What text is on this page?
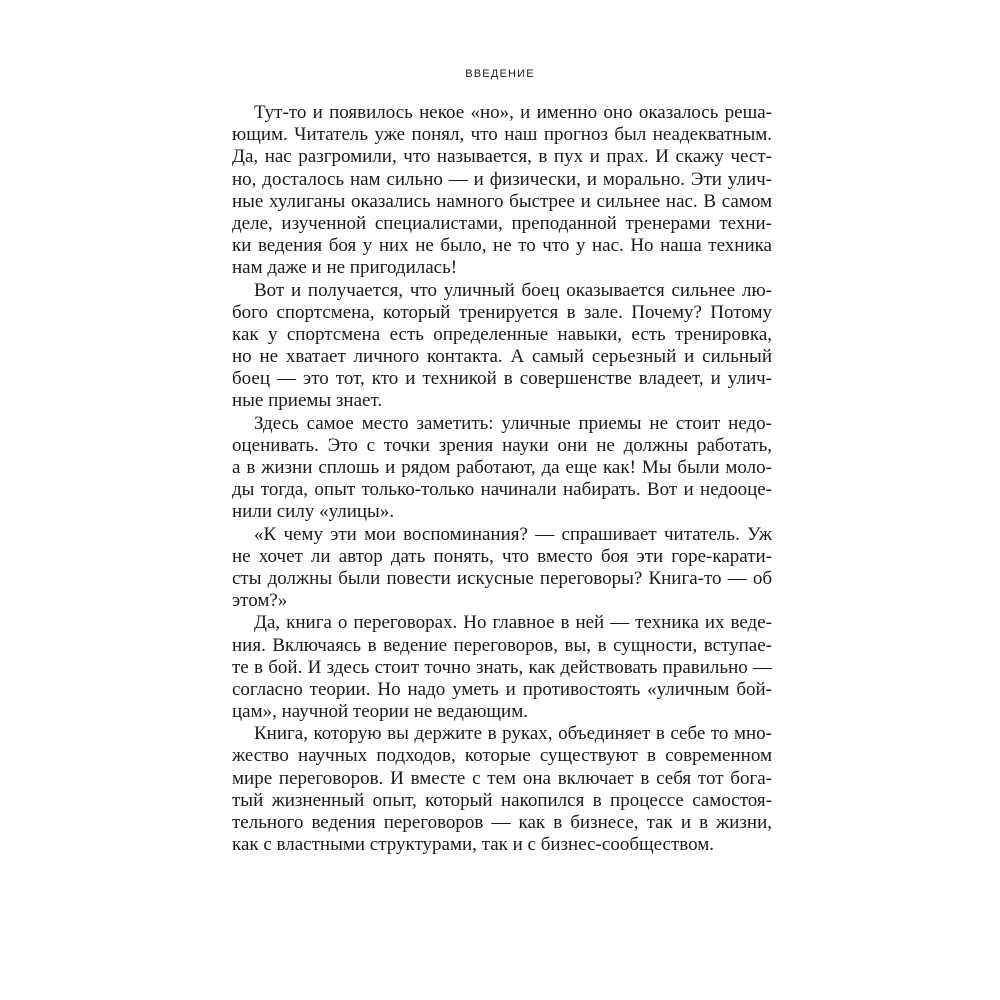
ВВЕДЕНИЕ
Тут-то и появилось некое «но», и именно оно оказалось реша-
ющим. Читатель уже понял, что наш прогноз был неадекватным.
Да, нас разгромили, что называется, в пух и прах. И скажу чест-
но, досталось нам сильно — и физически, и морально. Эти улич-
ные хулиганы оказались намного быстрее и сильнее нас. В самом
деле, изученной специалистами, преподанной тренерами техни-
ки ведения боя у них не было, не то что у нас. Но наша техника
нам даже и не пригодилась!
Вот и получается, что уличный боец оказывается сильнее лю-
бого спортсмена, который тренируется в зале. Почему? Потому
как у спортсмена есть определенные навыки, есть тренировка,
но не хватает личного контакта. А самый серьезный и сильный
боец — это тот, кто и техникой в совершенстве владеет, и улич-
ные приемы знает.
Здесь самое место заметить: уличные приемы не стоит недо-
оценивать. Это с точки зрения науки они не должны работать,
а в жизни сплошь и рядом работают, да еще как! Мы были моло-
ды тогда, опыт только-только начинали набирать. Вот и недооце-
нили силу «улицы».
«К чему эти мои воспоминания? — спрашивает читатель. Уж
не хочет ли автор дать понять, что вместо боя эти горе-карати-
сты должны были повести искусные переговоры? Книга-то — об
этом?»
Да, книга о переговорах. Но главное в ней — техника их веде-
ния. Включаясь в ведение переговоров, вы, в сущности, вступае-
те в бой. И здесь стоит точно знать, как действовать правильно —
согласно теории. Но надо уметь и противостоять «уличным бой-
цам», научной теории не ведающим.
Книга, которую вы держите в руках, объединяет в себе то мно-
жество научных подходов, которые существуют в современном
мире переговоров. И вместе с тем она включает в себя тот бога-
тый жизненный опыт, который накопился в процессе самостоя-
тельного ведения переговоров — как в бизнесе, так и в жизни,
как с властными структурами, так и с бизнес-сообществом.
